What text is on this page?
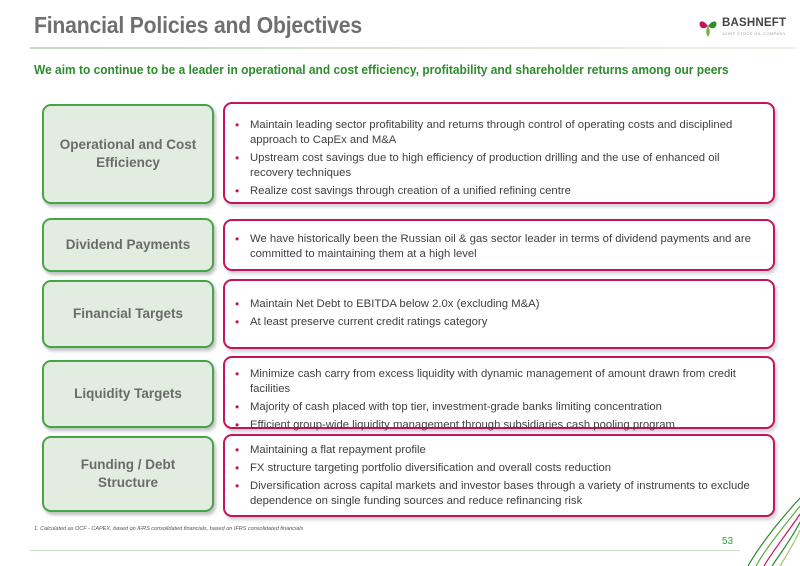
Financial Policies and Objectives	BASHNEFT
JOINT STOCK OIL COMPANY
We aim to continue to be a leader in operational and cost efficiency, profitability and shareholder returns among our peers
Operational and Cost Efficiency
• Maintain leading sector profitability and returns through control of operating costs and disciplined approach to CapEx and M&A
• Upstream cost savings due to high efficiency of production drilling and the use of enhanced oil recovery techniques
• Realize cost savings through creation of a unified refining centre
Dividend Payments
•	We have historically been the Russian oil & gas sector leader in terms of dividend payments and are committed to maintaining them at a high level
Financial Targets
• Maintain Net Debt to EBITDA below 2.0x (excluding M&A)
• At least preserve current credit ratings category
Liquidity Targets
• Minimize cash carry from excess liquidity with dynamic management of amount drawn from credit facilities
• Majority of cash placed with top tier, investment-grade banks limiting concentration
• Efficient group-wide liquidity management through subsidiaries cash pooling program
Funding / Debt Structure
• Maintaining a flat repayment profile
• FX structure targeting portfolio diversification and overall costs reduction
• Diversification across capital markets and investor bases through a variety of instruments to exclude dependence on single funding sources and reduce refinancing risk
1. Calculated as OCF - CAPEX, based on IFRS consolidated financials, based on IFRS consolidated financials
53
